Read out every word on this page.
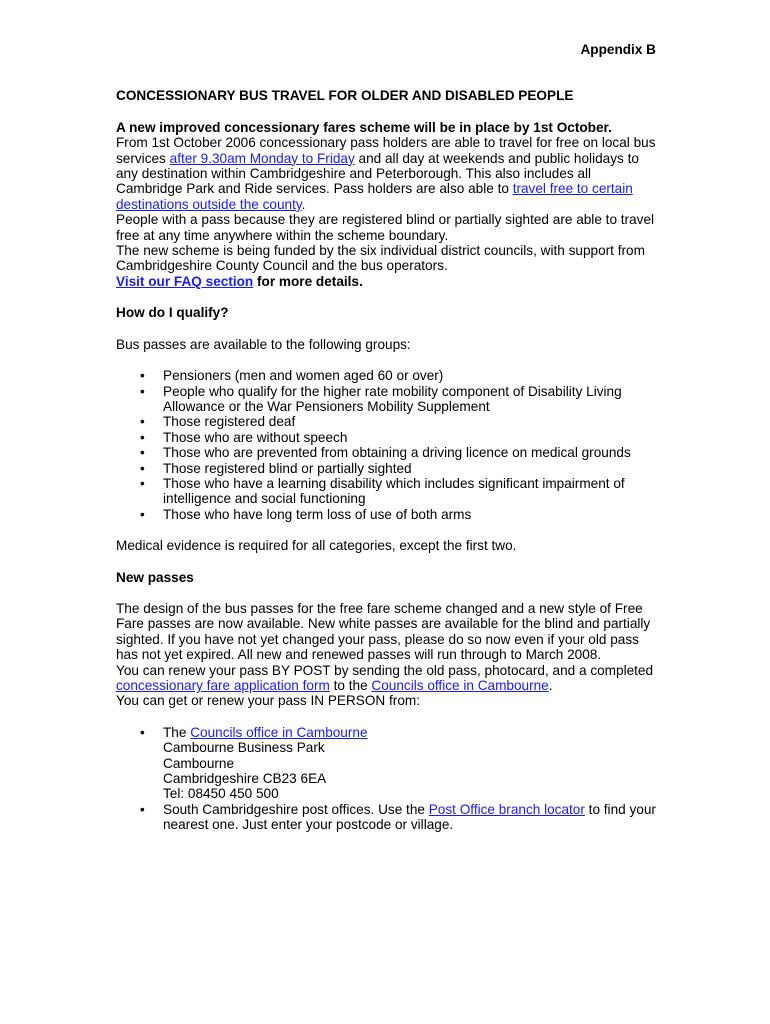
Appendix B

CONCESSIONARY BUS TRAVEL FOR OLDER AND DISABLED PEOPLE

A new improved concessionary fares scheme will be in place by 1st October.

From 1st October 2006 concessionary pass holders are able to travel for free on local bus services after 9.30am Monday to Friday and all day at weekends and public holidays to any destination within Cambridgeshire and Peterborough. This also includes all Cambridge Park and Ride services. Pass holders are also able to travel free to certain destinations outside the county.

People with a pass because they are registered blind or partially sighted are able to travel free at any time anywhere within the scheme boundary.

The new scheme is being funded by the six individual district councils, with support from Cambridgeshire County Council and the bus operators.

Visit our FAQ section for more details.

How do I qualify?

Bus passes are available to the following groups:

• Pensioners (men and women aged 60 or over)
• People who qualify for the higher rate mobility component of Disability Living Allowance or the War Pensioners Mobility Supplement
• Those registered deaf
• Those who are without speech
• Those who are prevented from obtaining a driving licence on medical grounds
• Those registered blind or partially sighted
• Those who have a learning disability which includes significant impairment of intelligence and social functioning
• Those who have long term loss of use of both arms

Medical evidence is required for all categories, except the first two.

New passes

The design of the bus passes for the free fare scheme changed and a new style of Free Fare passes are now available. New white passes are available for the blind and partially sighted. If you have not yet changed your pass, please do so now even if your old pass has not yet expired. All new and renewed passes will run through to March 2008.

You can renew your pass BY POST by sending the old pass, photocard, and a completed concessionary fare application form to the Councils office in Cambourne.

You can get or renew your pass IN PERSON from:

• The Councils office in Cambourne
Cambourne Business Park
Cambourne
Cambridgeshire CB23 6EA
Tel: 08450 450 500
• South Cambridgeshire post offices. Use the Post Office branch locator to find your nearest one. Just enter your postcode or village.
